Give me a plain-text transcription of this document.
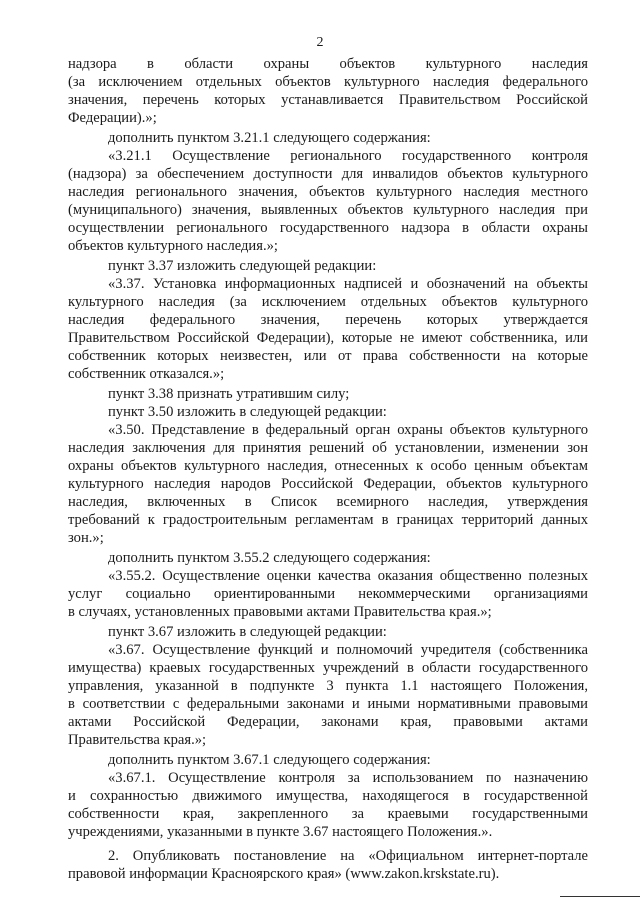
2
надзора в области охраны объектов культурного наследия
(за исключением отдельных объектов культурного наследия федерального
значения, перечень которых устанавливается Правительством Российской
Федерации).»;
дополнить пунктом 3.21.1 следующего содержания:
«3.21.1 Осуществление регионального государственного контроля
(надзора) за обеспечением доступности для инвалидов объектов культурного
наследия регионального значения, объектов культурного наследия местного
(муниципального) значения, выявленных объектов культурного наследия при
осуществлении регионального государственного надзора в области охраны
объектов культурного наследия.»;
пункт 3.37 изложить следующей редакции:
«3.37. Установка информационных надписей и обозначений на объекты
культурного наследия (за исключением отдельных объектов культурного
наследия федерального значения, перечень которых утверждается
Правительством Российской Федерации), которые не имеют собственника, или
собственник которых неизвестен, или от права собственности на которые
собственник отказался.»;
пункт 3.38 признать утратившим силу;
пункт 3.50 изложить в следующей редакции:
«3.50. Представление в федеральный орган охраны объектов культурного
наследия заключения для принятия решений об установлении, изменении зон
охраны объектов культурного наследия, отнесенных к особо ценным объектам
культурного наследия народов Российской Федерации, объектов культурного
наследия, включенных в Список всемирного наследия, утверждения
требований к градостроительным регламентам в границах территорий данных
зон.»;
дополнить пунктом 3.55.2 следующего содержания:
«3.55.2. Осуществление оценки качества оказания общественно полезных
услуг социально ориентированными некоммерческими организациями
в случаях, установленных правовыми актами Правительства края.»;
пункт 3.67 изложить в следующей редакции:
«3.67. Осуществление функций и полномочий учредителя (собственника
имущества) краевых государственных учреждений в области государственного
управления, указанной в подпункте 3 пункта 1.1 настоящего Положения,
в соответствии с федеральными законами и иными нормативными правовыми
актами Российской Федерации, законами края, правовыми актами
Правительства края.»;
дополнить пунктом 3.67.1 следующего содержания:
«3.67.1. Осуществление контроля за использованием по назначению
и сохранностью движимого имущества, находящегося в государственной
собственности края, закрепленного за краевыми государственными
учреждениями, указанными в пункте 3.67 настоящего Положения.».
2. Опубликовать постановление на «Официальном интернет-портале
правовой информации Красноярского края» (www.zakon.krskstate.ru).
